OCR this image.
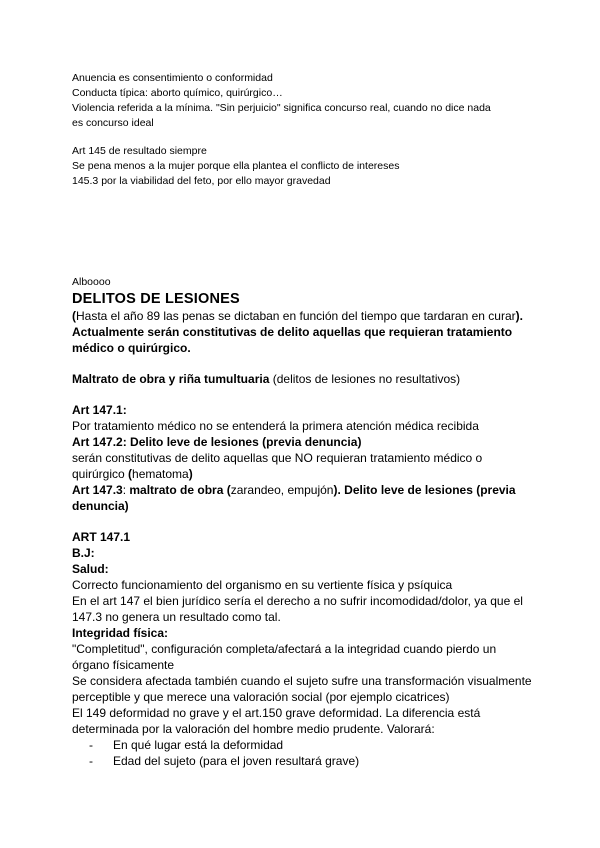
Anuencia es consentimiento o conformidad

Conducta típica: aborto químico, quirúrgico…

Violencia referida a la mínima. "Sin perjuicio" significa concurso real, cuando no dice nada

es concurso ideal

Art 145 de resultado siempre

Se pena menos a la mujer porque ella plantea el conflicto de intereses

145.3 por la viabilidad del feto, por ello mayor gravedad

Alboooo

DELITOS DE LESIONES

(Hasta el año 89 las penas se dictaban en función del tiempo que tardaran en curar). Actualmente serán constitutivas de delito aquellas que requieran tratamiento médico o quirúrgico.

Maltrato de obra y riña tumultuaria (delitos de lesiones no resultativos)

Art 147.1:

Por tratamiento médico no se entenderá la primera atención médica recibida

Art 147.2: Delito leve de lesiones (previa denuncia)

serán constitutivas de delito aquellas que NO requieran tratamiento médico o quirúrgico (hematoma)

Art 147.3: maltrato de obra (zarandeo, empujón). Delito leve de lesiones (previa denuncia)

ART 147.1

B.J:

Salud:

Correcto funcionamiento del organismo en su vertiente física y psíquica

En el art 147 el bien jurídico sería el derecho a no sufrir incomodidad/dolor, ya que el 147.3 no genera un resultado como tal.

Integridad física:

"Completitud", configuración completa/afectará a la integridad cuando pierdo un órgano físicamente

Se considera afectada también cuando el sujeto sufre una transformación visualmente perceptible y que merece una valoración social (por ejemplo cicatrices)

El 149 deformidad no grave y el art.150 grave deformidad. La diferencia está determinada por la valoración del hombre medio prudente. Valorará:

-	En qué lugar está la deformidad
-	Edad del sujeto (para el joven resultará grave)
